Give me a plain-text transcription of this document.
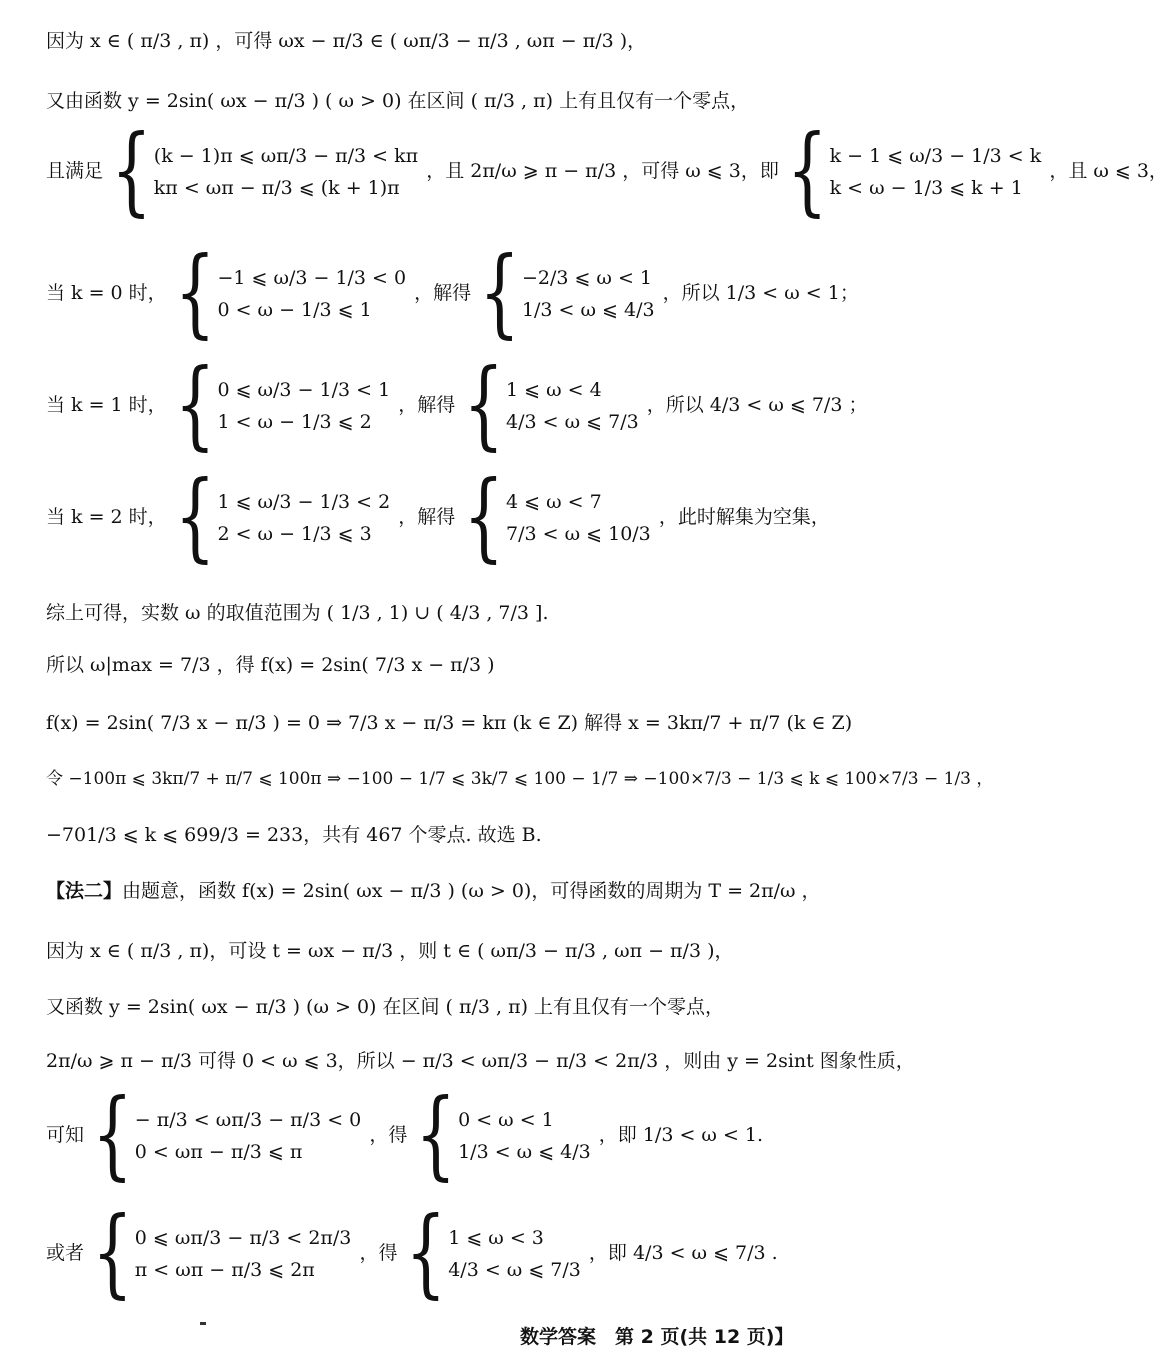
因为 x ∈ ( π/3 , π) ，可得 ωx − π/3 ∈ ( ωπ/3 − π/3 , ωπ − π/3 )，
又由函数 y = 2sin( ωx − π/3 ) ( ω > 0) 在区间 ( π/3 , π) 上有且仅有一个零点，
且满足 { (k − 1)π ⩽ ωπ/3 − π/3 < kπ
kπ < ωπ − π/3 ⩽ (k + 1)π
，且 2π/ω ⩾ π − π/3 ，可得 ω ⩽ 3，即 { k − 1 ⩽ ω/3 − 1/3 < k
k < ω − 1/3 ⩽ k + 1
，且 ω ⩽ 3，
当 k = 0 时， { −1 ⩽ ω/3 − 1/3 < 0
0 < ω − 1/3 ⩽ 1
，解得 { −2/3 ⩽ ω < 1
1/3 < ω ⩽ 4/3
，所以 1/3 < ω < 1；
当 k = 1 时， { 0 ⩽ ω/3 − 1/3 < 1
1 < ω − 1/3 ⩽ 2
，解得 { 1 ⩽ ω < 4
4/3 < ω ⩽ 7/3
，所以 4/3 < ω ⩽ 7/3 ；
当 k = 2 时， { 1 ⩽ ω/3 − 1/3 < 2
2 < ω − 1/3 ⩽ 3
，解得 { 4 ⩽ ω < 7
7/3 < ω ⩽ 10/3
，此时解集为空集，
综上可得，实数 ω 的取值范围为 ( 1/3 , 1) ∪ ( 4/3 , 7/3 ].
所以 ω|max = 7/3 ，得 f(x) = 2sin( 7/3 x − π/3 )
f(x) = 2sin( 7/3 x − π/3 ) = 0 ⇒ 7/3 x − π/3 = kπ (k ∈ Z) 解得 x = 3kπ/7 + π/7 (k ∈ Z)
令 −100π ⩽ 3kπ/7 + π/7 ⩽ 100π ⇒ −100 − 1/7 ⩽ 3k/7 ⩽ 100 − 1/7 ⇒ −100×7/3 − 1/3 ⩽ k ⩽ 100×7/3 − 1/3 ，
−701/3 ⩽ k ⩽ 699/3 = 233，共有 467 个零点. 故选 B.
【法二】由题意，函数 f(x) = 2sin( ωx − π/3 ) (ω > 0)，可得函数的周期为 T = 2π/ω ，
因为 x ∈ ( π/3 , π)，可设 t = ωx − π/3 ，则 t ∈ ( ωπ/3 − π/3 , ωπ − π/3 )，
又函数 y = 2sin( ωx − π/3 ) (ω > 0) 在区间 ( π/3 , π) 上有且仅有一个零点，
2π/ω ⩾ π − π/3 可得 0 < ω ⩽ 3，所以 − π/3 < ωπ/3 − π/3 < 2π/3 ，则由 y = 2sint 图象性质，
可知 { − π/3 < ωπ/3 − π/3 < 0
0 < ωπ − π/3 ⩽ π
，得 { 0 < ω < 1
1/3 < ω ⩽ 4/3
，即 1/3 < ω < 1.
或者 { 0 ⩽ ωπ/3 − π/3 < 2π/3
π < ωπ − π/3 ⩽ 2π
，得 { 1 ⩽ ω < 3
4/3 < ω ⩽ 7/3
，即 4/3 < ω ⩽ 7/3 .
数学答案　第 2 页(共 12 页)】
